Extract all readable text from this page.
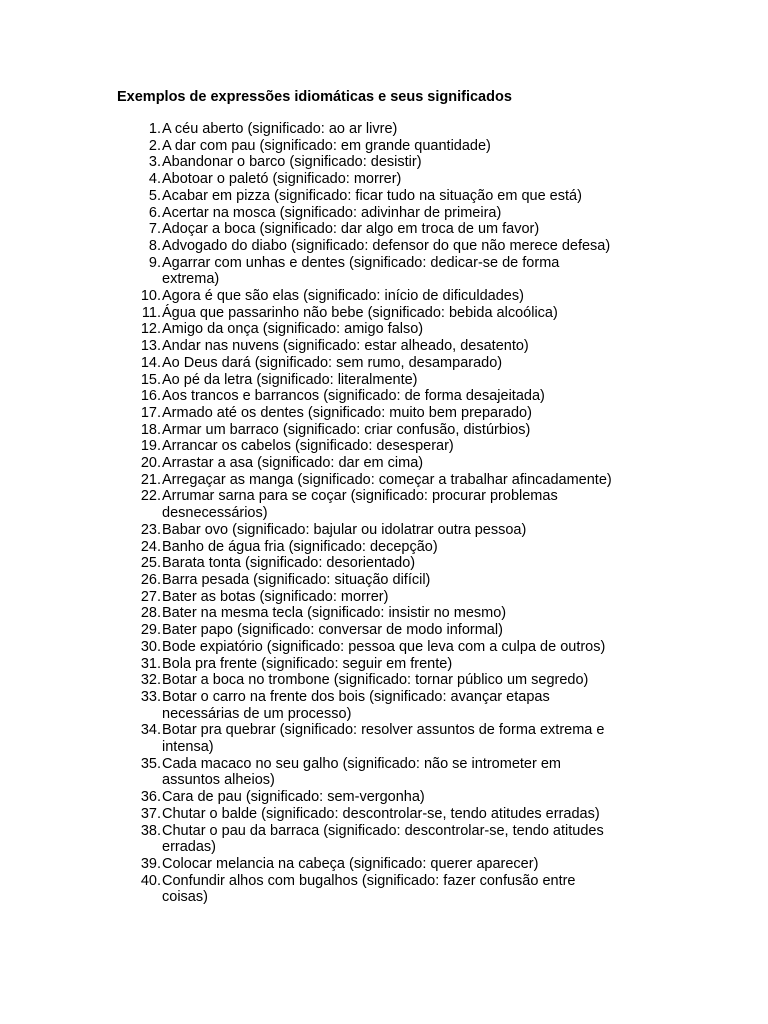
Exemplos de expressões idiomáticas e seus significados
1. A céu aberto (significado: ao ar livre)
2. A dar com pau (significado: em grande quantidade)
3. Abandonar o barco (significado: desistir)
4. Abotoar o paletó (significado: morrer)
5. Acabar em pizza (significado: ficar tudo na situação em que está)
6. Acertar na mosca (significado: adivinhar de primeira)
7. Adoçar a boca (significado: dar algo em troca de um favor)
8. Advogado do diabo (significado: defensor do que não merece defesa)
9. Agarrar com unhas e dentes (significado: dedicar-se de forma
extrema)
10. Agora é que são elas (significado: início de dificuldades)
11. Água que passarinho não bebe (significado: bebida alcoólica)
12. Amigo da onça (significado: amigo falso)
13. Andar nas nuvens (significado: estar alheado, desatento)
14. Ao Deus dará (significado: sem rumo, desamparado)
15. Ao pé da letra (significado: literalmente)
16. Aos trancos e barrancos (significado: de forma desajeitada)
17. Armado até os dentes (significado: muito bem preparado)
18. Armar um barraco (significado: criar confusão, distúrbios)
19. Arrancar os cabelos (significado: desesperar)
20. Arrastar a asa (significado: dar em cima)
21. Arregaçar as manga (significado: começar a trabalhar afincadamente)
22. Arrumar sarna para se coçar (significado: procurar problemas
desnecessários)
23. Babar ovo (significado: bajular ou idolatrar outra pessoa)
24. Banho de água fria (significado: decepção)
25. Barata tonta (significado: desorientado)
26. Barra pesada (significado: situação difícil)
27. Bater as botas (significado: morrer)
28. Bater na mesma tecla (significado: insistir no mesmo)
29. Bater papo (significado: conversar de modo informal)
30. Bode expiatório (significado: pessoa que leva com a culpa de outros)
31. Bola pra frente (significado: seguir em frente)
32. Botar a boca no trombone (significado: tornar público um segredo)
33. Botar o carro na frente dos bois (significado: avançar etapas
necessárias de um processo)
34. Botar pra quebrar (significado: resolver assuntos de forma extrema e
intensa)
35. Cada macaco no seu galho (significado: não se intrometer em
assuntos alheios)
36. Cara de pau (significado: sem-vergonha)
37. Chutar o balde (significado: descontrolar-se, tendo atitudes erradas)
38. Chutar o pau da barraca (significado: descontrolar-se, tendo atitudes
erradas)
39. Colocar melancia na cabeça (significado: querer aparecer)
40. Confundir alhos com bugalhos (significado: fazer confusão entre
coisas)
